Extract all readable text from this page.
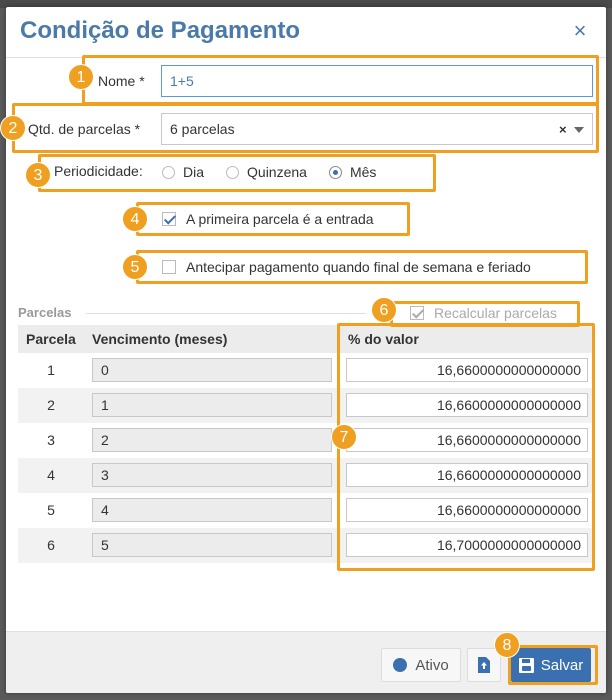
Condição de Pagamento	×
Nome * 1+5
Qtd. de parcelas * 6 parcelas	×
Periodicidade:	Dia	Quinzena	Mês
A primeira parcela é a entrada
Antecipar pagamento quando final de semana e feriado
Parcelas	Recalcular parcelas
Parcela Vencimento (meses)	% do valor
1	0	16,6600000000000000
2	1	16,6600000000000000
3	2	16,6600000000000000
4	3	16,6600000000000000
5	4	16,6600000000000000
6	5	16,7000000000000000
Ativo	Salvar
1
2
3
4
5
6
7
8
